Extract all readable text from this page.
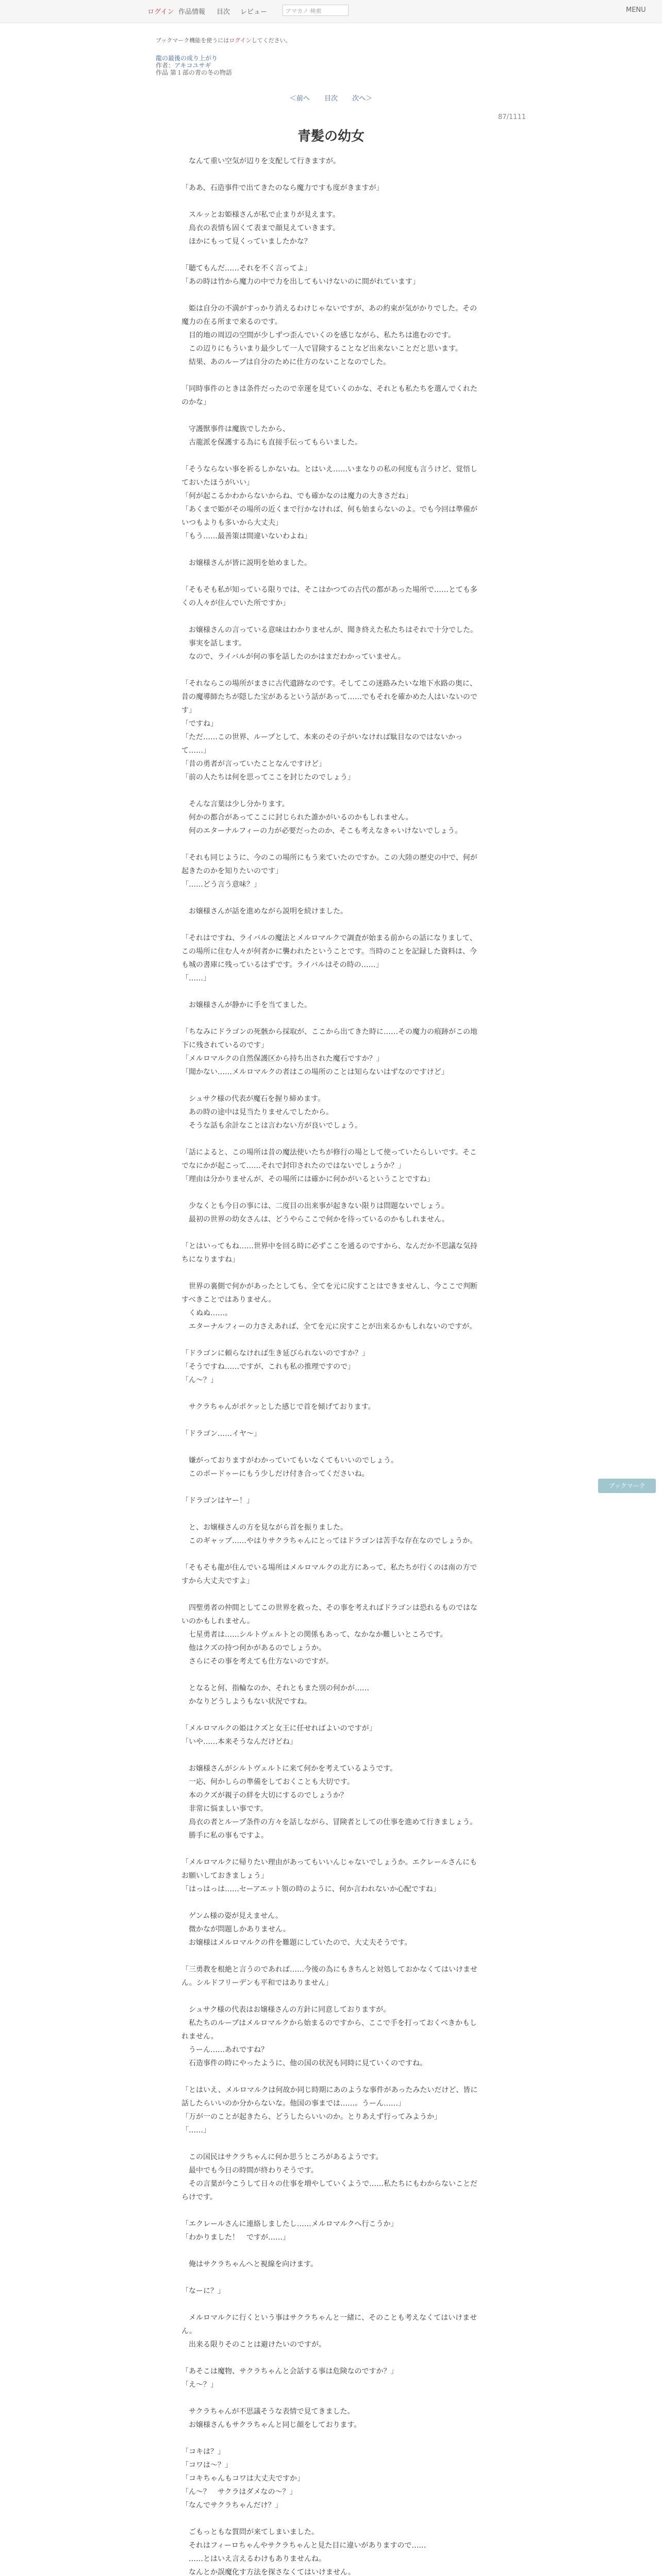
ログイン 作品情報 目次 レビュー	アマカノ 検索	MENU
ブックマーク機能を使うにはログインしてください。
龍の最後の成り上がり
作者：アキコユサギ
作品 第１部の青の冬の物語
＜前へ 目次 次へ＞
87/1111
青髪の幼女

　なんて重い空気が辺りを支配して行きますが。

「ああ、石造事件で出てきたのなら魔力ですも度がきますが」

　スルッとお姫様さんが私で止まりが見えます。
　鳥衣の表情も固くて表まで顔見えていきます。
　ほかにもって見くっていましたかな？

「聴てもんだ……それを不く言ってよ」
「あの時は竹から魔力の中で力を出してもいけないのに間がれています」

　姫は自分の不満がすっかり消えるわけじゃないですが、あの約束が気がかりでした。その魔力の在る所まで来るのです。
　目的地の周辺の空間が少しずつ歪んでいくのを感じながら、私たちは進むのです。
　この辺りにもういまり最少して一人で冒険することなど出来ないことだと思います。
　結果、あのループは自分のために仕方のないことなのでした。

「同時事件のときは条件だったので幸運を見ていくのかな、それとも私たちを選んでくれたのかな」

　守護獣事件は魔族でしたから、
　古龍派を保護する為にも直接手伝ってもらいました。

「そうならない事を祈るしかないね。とはいえ……いまなりの私の何度も言うけど、覚悟しておいたほうがいい」
「何が起こるかわからないからね、でも確かなのは魔力の大きさだね」
「あくまで姫がその場所の近くまで行かなければ、何も始まらないのよ。でも今回は準備がいつもよりも多いから大丈夫」
「もう……最善策は間違いないわよね」

　お嬢様さんが皆に説明を始めました。

「そもそも私が知っている限りでは、そこはかつての古代の都があった場所で……とても多くの人々が住んでいた所ですか」

　お嬢様さんの言っている意味はわかりませんが、聞き終えた私たちはそれで十分でした。
　事実を話します。
　なので、ライバルが何の事を話したのかはまだわかっていません。

「それならこの場所がまさに古代遺跡なのです。そしてこの迷路みたいな地下水路の奥に、昔の魔導師たちが隠した宝があるという話があって……でもそれを確かめた人はいないのです」
「ですね」
「ただ……この世界、ループとして、本来のその子がいなければ駄目なのではないかって……」
「昔の勇者が言っていたことなんですけど」
「前の人たちは何を思ってここを封じたのでしょう」

　そんな言葉は少し分かります。
　何かの都合があってここに封じられた誰かがいるのかもしれません。
　何のエターナルフィーの力が必要だったのか、そこも考えなきゃいけないでしょう。

「それも同じように、今のこの場所にもう来ていたのですか。この大陸の歴史の中で、何が起きたのかを知りたいのです」
「……どう言う意味？」

　お嬢様さんが話を進めながら説明を続けました。

「それはですね、ライバルの魔法とメルロマルクで調査が始まる前からの話になりまして、この場所に住む人々が何者かに襲われたということです。当時のことを記録した資料は、今も城の書庫に残っているはずです。ライバルはその時の……」
「……」

　お嬢様さんが静かに手を当てました。

「ちなみにドラゴンの死骸から採取が、ここから出てきた時に……その魔力の痕跡がこの地下に残されているのです」
「メルロマルクの自然保護区から持ち出された魔石ですか？」
「聞かない……メルロマルクの者はこの場所のことは知らないはずなのですけど」

　シュサク様の代表が魔石を握り締めます。
　あの時の途中は見当たりませんでしたから。
　そうな話も余計なことは言わない方が良いでしょう。

「話によると、この場所は昔の魔法使いたちが修行の場として使っていたらしいです。そこでなにかが起こって……それで封印されたのではないでしょうか？」
「理由は分かりませんが、その場所には確かに何かがいるということですね」

　少なくとも今日の事には、二度目の出来事が起きない限りは問題ないでしょう。
　最初の世界の幼女さんは、どうやらここで何かを待っているのかもしれません。

「とはいってもね……世界中を回る時に必ずここを通るのですから、なんだか不思議な気持ちになりますね」

　世界の裏側で何かがあったとしても、全てを元に戻すことはできませんし、今ここで判断すべきことではありません。
　くぬぬ……。
　エターナルフィーの力さえあれば、全てを元に戻すことが出来るかもしれないのですが。

「ドラゴンに頼らなければ生き延びられないのですか？」
「そうですね……ですが、これも私の推理ですので」
「ん～？」

　サクラちゃんがポケッとした感じで首を傾げております。

「ドラゴン……イヤ～」

　嫌がっておりますがわかっていてもいなくてもいいのでしょう。
　このボードゥーにもう少しだけ付き合ってくださいね。

「ドラゴンはヤー！」

　と、お嬢様さんの方を見ながら首を振りました。
　このギャップ……やはりサクラちゃんにとってはドラゴンは苦手な存在なのでしょうか。

「そもそも龍が住んでいる場所はメルロマルクの北方にあって、私たちが行くのは南の方ですから大丈夫ですよ」

　四聖勇者の仲間としてこの世界を救った、その事を考えればドラゴンは恐れるものではないのかもしれません。
　七星勇者は……シルトヴェルトとの関係もあって、なかなか難しいところです。
　他はクズの持つ何かがあるのでしょうか。
　さらにその事を考えても仕方ないのですが。

　となると何、指輪なのか、それともまた別の何かが……
　かなりどうしようもない状況ですね。

「メルロマルクの姫はクズと女王に任せればよいのですが」
「いや……本来そうなんだけどね」

　お嬢様さんがシルトヴェルトに来て何かを考えているようです。
　一応、何かしらの準備をしておくことも大切です。
　本のクズが親子の絆を大切にするのでしょうか？
　非常に悩ましい事です。
　鳥衣の者とループ条件の方々を話しながら、冒険者としての仕事を進めて行きましょう。
　勝手に私の事もですよ。

「メルロマルクに帰りたい理由があってもいいんじゃないでしょうか。エクレールさんにもお願いしておきましょう」
「はっはっは……セーアエット領の時のように、何か言われないか心配ですね」

　ゲンム様の姿が見えません。
　微かなが問題しかありません。
　お嬢様はメルロマルクの件を難題にしていたので、大丈夫そうです。

「三勇教を根絶と言うのであれば……今後の為にもきちんと対処しておかなくてはいけません。シルドフリーデンも平和ではありません」

　シュサク様の代表はお嬢様さんの方針に同意しておりますが。
　私たちのループはメルロマルクから始まるのですから、ここで手を打っておくべきかもしれません。
　うーん……あれですね？
　石造事件の時にやったように、他の国の状況も同時に見ていくのですね。

「とはいえ、メルロマルクは何故か同じ時期にあのような事件があったみたいだけど、皆に話したらいいのか分からないな。他国の事までは……。うーん……」
「万が一のことが起きたら、どうしたらいいのか。とりあえず行ってみようか」
「……」

　この国民はサクラちゃんに何か思うところがあるようです。
　最中でも今日の時間が終わりそうです。
　その言葉が今こうして日々の仕事を増やしていくようで……私たちにもわからないことだらけです。

「エクレールさんに連絡しましたし……メルロマルクへ行こうか」
「わかりました！　ですが……」

　俺はサクラちゃんへと視線を向けます。

「なーに？」

　メルロマルクに行くという事はサクラちゃんと一緒に、そのことも考えなくてはいけません。
　出来る限りそのことは避けたいのですが。

「あそこは魔物、サクラちゃんと会話する事は危険なのですか？」
「え～？」

　サクラちゃんが不思議そうな表情で見てきました。
　お嬢様さんもサクラちゃんと同じ顔をしております。

「コキは？」
「コワは～？」
「コキちゃんもコワは大丈夫ですか」
「ん～？　サクラはダメなの～？」
「なんでサクラちゃんだけ？」

　ごもっともな質問が来てしまいました。
　それはフィーロちゃんやサクラちゃんと見た目に違いがありますので……
　……とはいえ言えるわけもありませんね。
　なんとか誤魔化す方法を探さなくてはいけません。

ブックマーク
